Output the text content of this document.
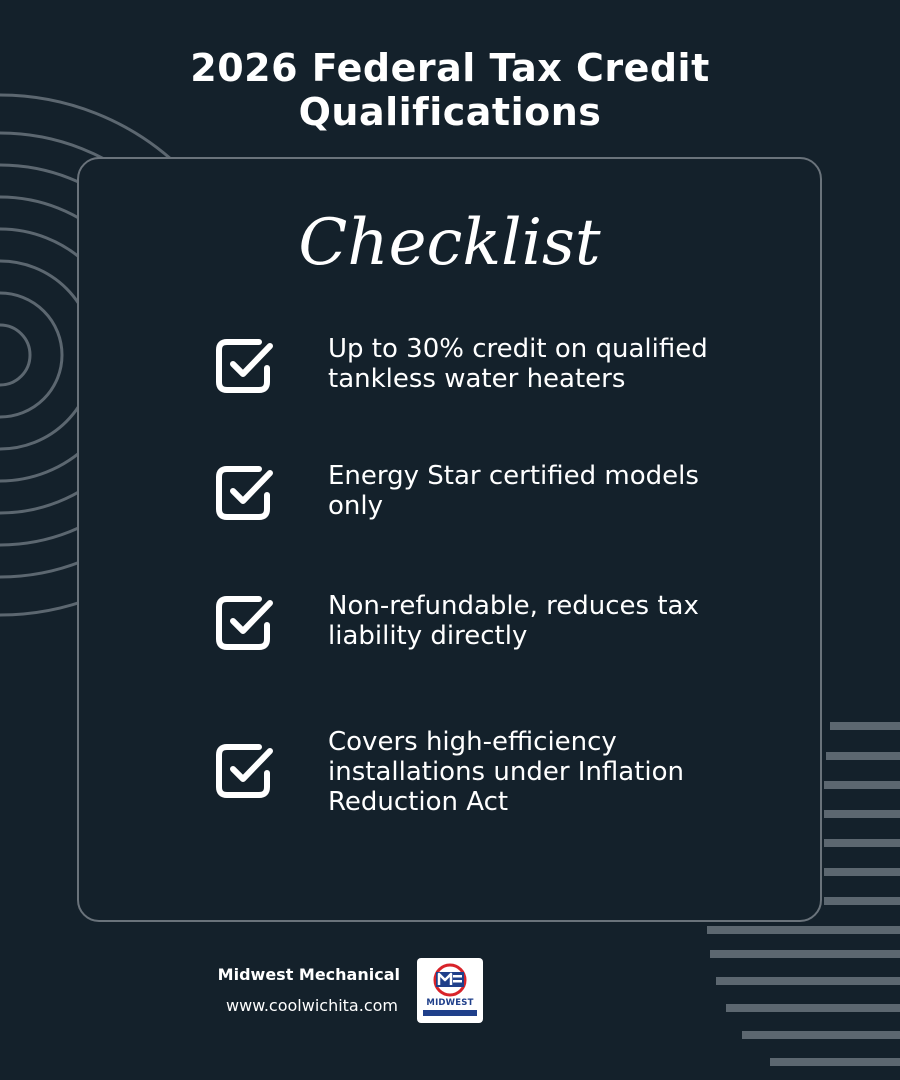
2026 Federal Tax Credit
Qualifications
Checklist
Up to 30% credit on qualified
tankless water heaters
Energy Star certified models
only
Non-refundable, reduces tax
liability directly
Covers high-efficiency
installations under Inflation
Reduction Act
Midwest Mechanical
www.coolwichita.com	MIDWEST
